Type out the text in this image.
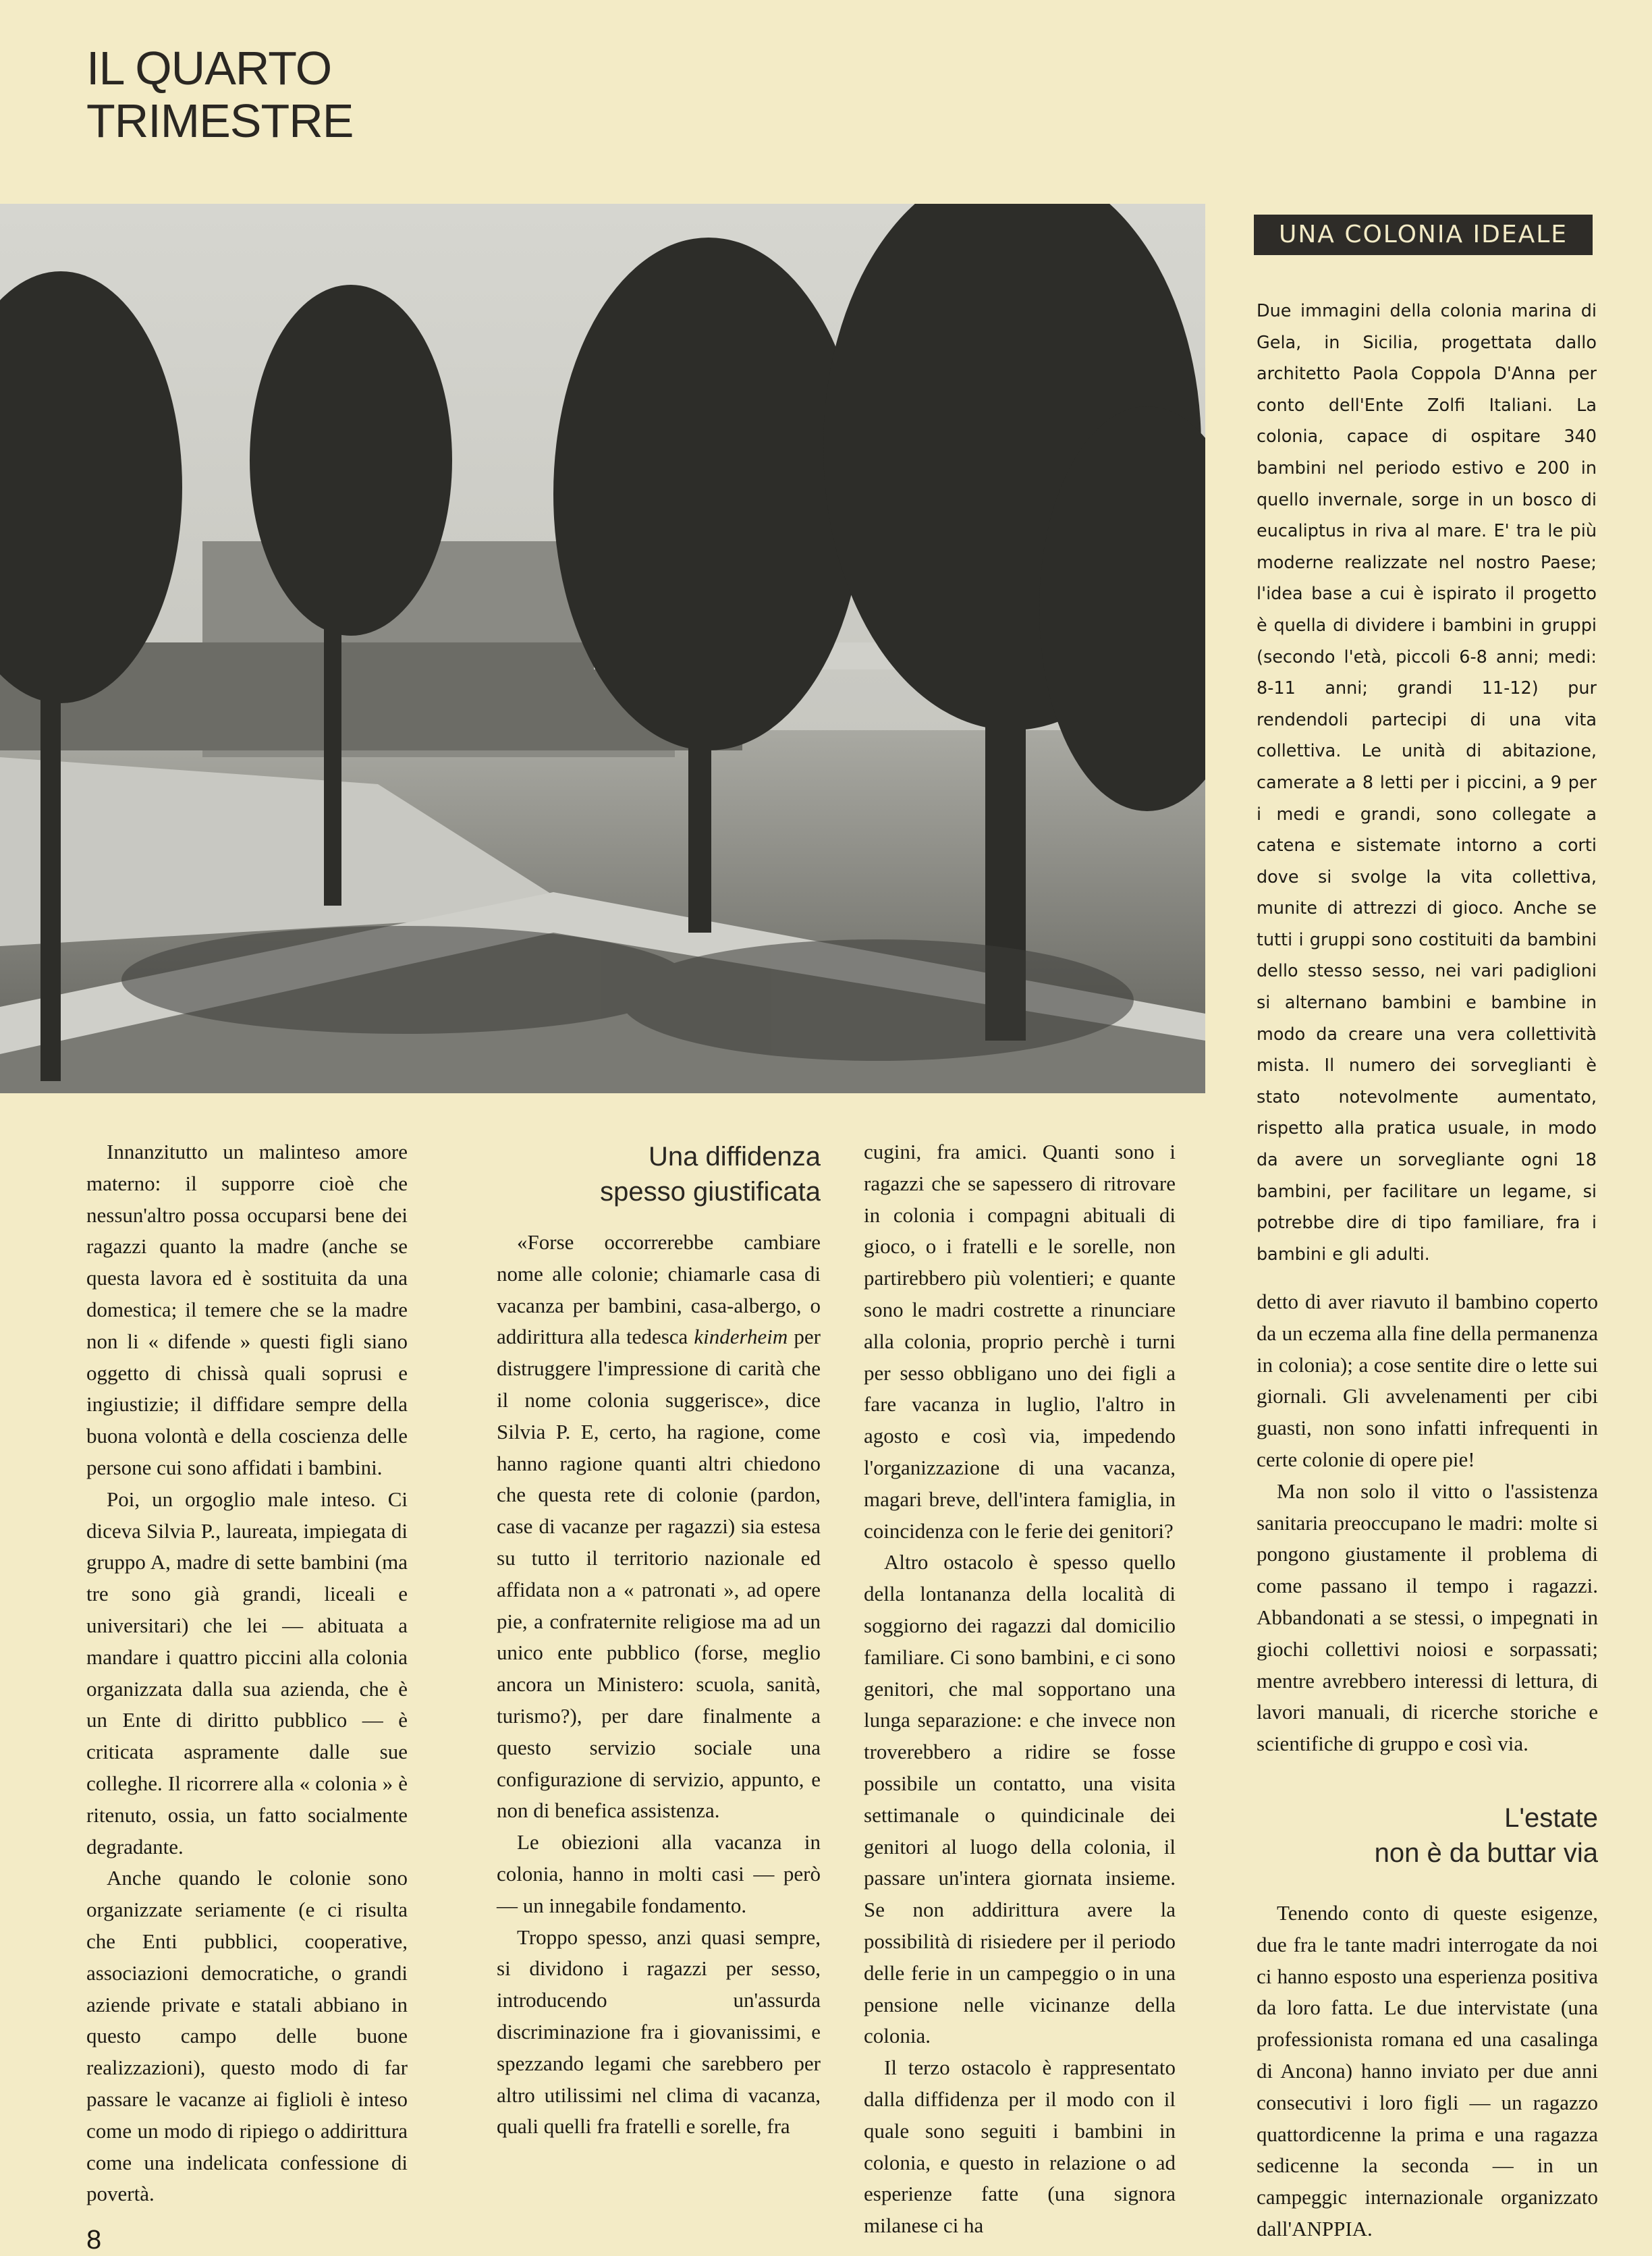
IL QUARTO
TRIMESTRE
UNA COLONIA IDEALE
Due immagini della colonia marina di Gela, in Sicilia, progettata dallo architetto Paola Coppola D'Anna per conto dell'Ente Zolfi Italiani. La colonia, capace di ospitare 340 bambini nel periodo estivo e 200 in quello invernale, sorge in un bosco di eucaliptus in riva al mare. E' tra le più moderne realizzate nel nostro Paese; l'idea base a cui è ispirato il progetto è quella di dividere i bambini in gruppi (secondo l'età, piccoli 6-8 anni; medi: 8-11 anni; grandi 11-12) pur rendendoli partecipi di una vita collettiva. Le unità di abitazione, camerate a 8 letti per i piccini, a 9 per i medi e grandi, sono collegate a catena e sistemate intorno a corti dove si svolge la vita collettiva, munite di attrezzi di gioco. Anche se tutti i gruppi sono costituiti da bambini dello stesso sesso, nei vari padiglioni si alternano bambini e bambine in modo da creare una vera collettività mista. Il numero dei sorveglianti è stato notevolmente aumentato, rispetto alla pratica usuale, in modo da avere un sorvegliante ogni 18 bambini, per facilitare un legame, si potrebbe dire di tipo familiare, fra i bambini e gli adulti.

Innanzitutto un malinteso amore materno: il supporre cioè che nessun'altro possa occuparsi bene dei ragazzi quanto la madre (anche se questa lavora ed è sostituita da una domestica; il temere che se la madre non li « difende » questi figli siano oggetto di chissà quali soprusi e ingiustizie; il diffidare sempre della buona volontà e della coscienza delle persone cui sono affidati i bambini.

Poi, un orgoglio male inteso. Ci diceva Silvia P., laureata, impiegata di gruppo A, madre di sette bambini (ma tre sono già grandi, liceali e universitari) che lei — abituata a mandare i quattro piccini alla colonia organizzata dalla sua azienda, che è un Ente di diritto pubblico — è criticata aspramente dalle sue colleghe. Il ricorrere alla « colonia » è ritenuto, ossia, un fatto socialmente degradante.

Anche quando le colonie sono organizzate seriamente (e ci risulta che Enti pubblici, cooperative, associazioni democratiche, o grandi aziende private e statali abbiano in questo campo delle buone realizzazioni), questo modo di far passare le vacanze ai figlioli è inteso come un modo di ripiego o addirittura come una indelicata confessione di povertà.

Una diffidenza
spesso giustificata

«Forse occorrerebbe cambiare nome alle colonie; chiamarle casa di vacanza per bambini, casa-albergo, o addirittura alla tedesca kinderheim per distruggere l'impressione di carità che il nome colonia suggerisce», dice Silvia P. E, certo, ha ragione, come hanno ragione quanti altri chiedono che questa rete di colonie (pardon, case di vacanze per ragazzi) sia estesa su tutto il territorio nazionale ed affidata non a « patronati », ad opere pie, a confraternite religiose ma ad un unico ente pubblico (forse, meglio ancora un Ministero: scuola, sanità, turismo?), per dare finalmente a questo servizio sociale una configurazione di servizio, appunto, e non di benefica assistenza.

Le obiezioni alla vacanza in colonia, hanno in molti casi — però — un innegabile fondamento.

Troppo spesso, anzi quasi sempre, si dividono i ragazzi per sesso, introducendo un'assurda discriminazione fra i giovanissimi, e spezzando legami che sarebbero per altro utilissimi nel clima di vacanza, quali quelli fra fratelli e sorelle, fra

cugini, fra amici. Quanti sono i ragazzi che se sapessero di ritrovare in colonia i compagni abituali di gioco, o i fratelli e le sorelle, non partirebbero più volentieri; e quante sono le madri costrette a rinunciare alla colonia, proprio perchè i turni per sesso obbligano uno dei figli a fare vacanza in luglio, l'altro in agosto e così via, impedendo l'organizzazione di una vacanza, magari breve, dell'intera famiglia, in coincidenza con le ferie dei genitori?

Altro ostacolo è spesso quello della lontananza della località di soggiorno dei ragazzi dal domicilio familiare. Ci sono bambini, e ci sono genitori, che mal sopportano una lunga separazione: e che invece non troverebbero a ridire se fosse possibile un contatto, una visita settimanale o quindicinale dei genitori al luogo della colonia, il passare un'intera giornata insieme. Se non addirittura avere la possibilità di risiedere per il periodo delle ferie in un campeggio o in una pensione nelle vicinanze della colonia.

Il terzo ostacolo è rappresentato dalla diffidenza per il modo con il quale sono seguiti i bambini in colonia, e questo in relazione o ad esperienze fatte (una signora milanese ci ha

detto di aver riavuto il bambino coperto da un eczema alla fine della permanenza in colonia); a cose sentite dire o lette sui giornali. Gli avvelenamenti per cibi guasti, non sono infatti infrequenti in certe colonie di opere pie!

Ma non solo il vitto o l'assistenza sanitaria preoccupano le madri: molte si pongono giustamente il problema di come passano il tempo i ragazzi. Abbandonati a se stessi, o impegnati in giochi collettivi noiosi e sorpassati; mentre avrebbero interessi di lettura, di lavori manuali, di ricerche storiche e scientifiche di gruppo e così via.

L'estate
non è da buttar via

Tenendo conto di queste esigenze, due fra le tante madri interrogate da noi ci hanno esposto una esperienza positiva da loro fatta. Le due intervistate (una professionista romana ed una casalinga di Ancona) hanno inviato per due anni consecutivi i loro figli — un ragazzo quattordicenne la prima e una ragazza sedicenne la seconda — in un campeggic internazionale organizzato dall'ANPPIA.

8
